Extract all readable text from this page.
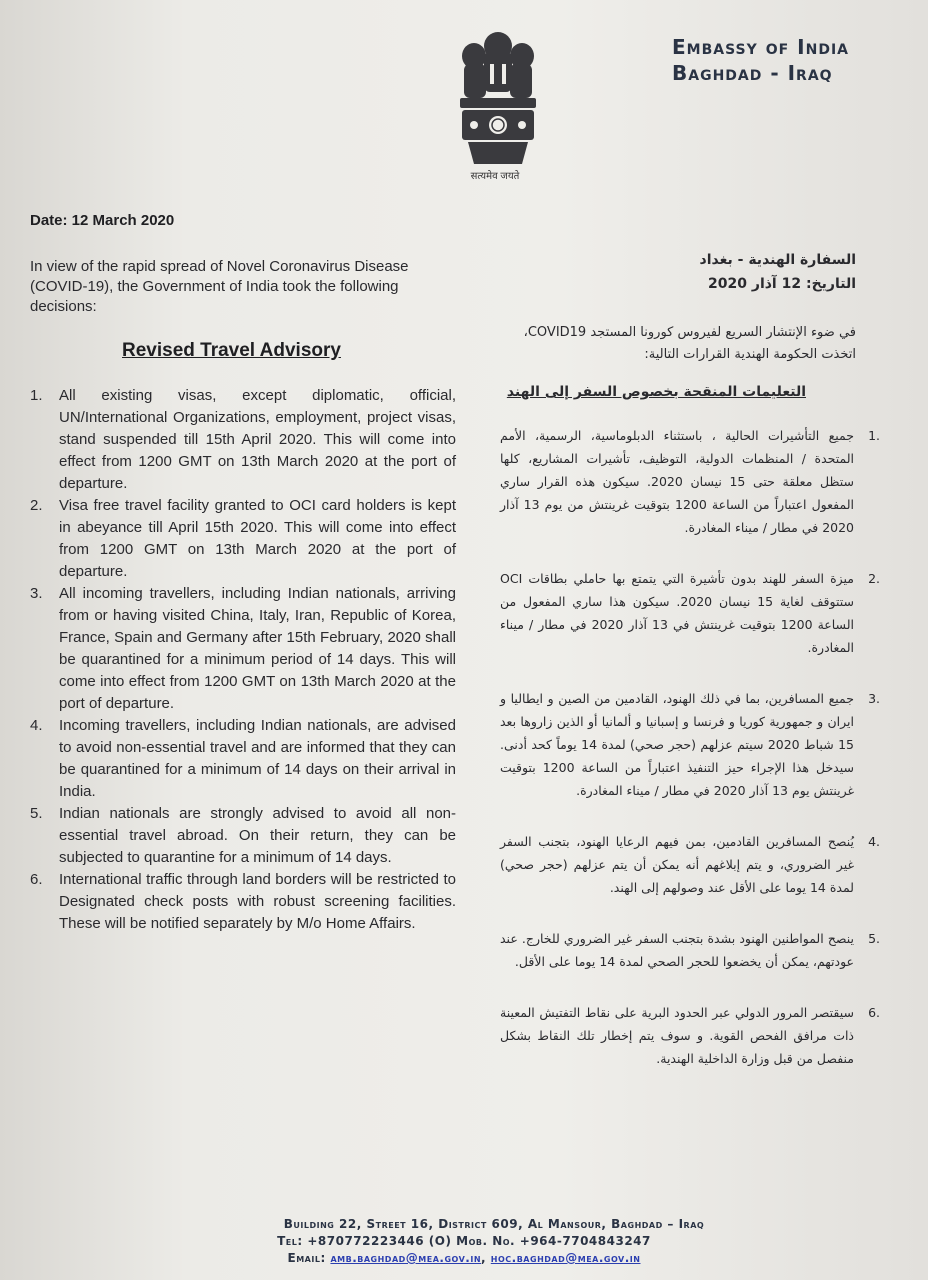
सत्यमेव जयते
Embassy of India
Baghdad - Iraq
Date: 12 March 2020
In view of the rapid spread of Novel Coronavirus Disease (COVID-19), the Government of India took the following decisions:
Revised Travel Advisory
1. All existing visas, except diplomatic, official, UN/International Organizations, employment, project visas, stand suspended till 15th April 2020. This will come into effect from 1200 GMT on 13th March 2020 at the port of departure.
2. Visa free travel facility granted to OCI card holders is kept in abeyance till April 15th 2020. This will come into effect from 1200 GMT on 13th March 2020 at the port of departure.
3. All incoming travellers, including Indian nationals, arriving from or having visited China, Italy, Iran, Republic of Korea, France, Spain and Germany after 15th February, 2020 shall be quarantined for a minimum period of 14 days. This will come into effect from 1200 GMT on 13th March 2020 at the port of departure.
4. Incoming travellers, including Indian nationals, are advised to avoid non-essential travel and are informed that they can be quarantined for a minimum of 14 days on their arrival in India.
5. Indian nationals are strongly advised to avoid all non-essential travel abroad. On their return, they can be subjected to quarantine for a minimum of 14 days.
6. International traffic through land borders will be restricted to Designated check posts with robust screening facilities. These will be notified separately by M/o Home Affairs.
السفارة الهندية - بغداد
التاريخ: 12 آذار 2020
في ضوء الإنتشار السريع لفيروس كورونا المستجد COVID19، اتخذت الحكومة الهندية القرارات التالية:
التعليمات المنقحة بخصوص السفر إلى الهند
.1
جميع التأشيرات الحالية ، باستثناء الدبلوماسية، الرسمية، الأمم المتحدة / المنظمات الدولية، التوظيف، تأشيرات المشاريع، كلها ستظل معلقة حتى 15 نيسان 2020. سيكون هذه القرار ساري المفعول اعتباراً من الساعة 1200 بتوقيت غرينتش من يوم 13 آذار 2020 في مطار / ميناء المغادرة.
.2
ميزة السفر للهند بدون تأشيرة التي يتمتع بها حاملي بطاقات OCI ستتوقف لغاية 15 نيسان 2020. سيكون هذا ساري المفعول من الساعة 1200 بتوقيت غرينتش في 13 آذار 2020 في مطار / ميناء المغادرة.
.3
جميع المسافرين، بما في ذلك الهنود، القادمين من الصين و ايطاليا و ايران و جمهورية كوريا و فرنسا و إسبانيا و ألمانيا أو الذين زاروها بعد 15 شباط 2020 سيتم عزلهم (حجر صحي) لمدة 14 يوماً كحد أدنى. سيدخل هذا الإجراء حيز التنفيذ اعتباراً من الساعة 1200 بتوقيت غرينتش يوم 13 آذار 2020 في مطار / ميناء المغادرة.
.4
يُنصح المسافرين القادمين، بمن فيهم الرعايا الهنود، بتجنب السفر غير الضروري، و يتم إبلاغهم أنه يمكن أن يتم عزلهم (حجر صحي) لمدة 14 يوما على الأقل عند وصولهم إلى الهند.
.5
ينصح المواطنين الهنود بشدة بتجنب السفر غير الضروري للخارج. عند عودتهم، يمكن أن يخضعوا للحجر الصحي لمدة 14 يوما على الأقل.
.6
سيقتصر المرور الدولي عبر الحدود البرية على نقاط التفتيش المعينة ذات مرافق الفحص القوية. و سوف يتم إخطار تلك النقاط بشكل منفصل من قبل وزارة الداخلية الهندية.
Building 22, Street 16, District 609, Al Mansour, Baghdad – Iraq
Tel: +870772223446 (O) Mob. No. +964-7704843247
Email: amb.baghdad@mea.gov.in, hoc.baghdad@mea.gov.in
